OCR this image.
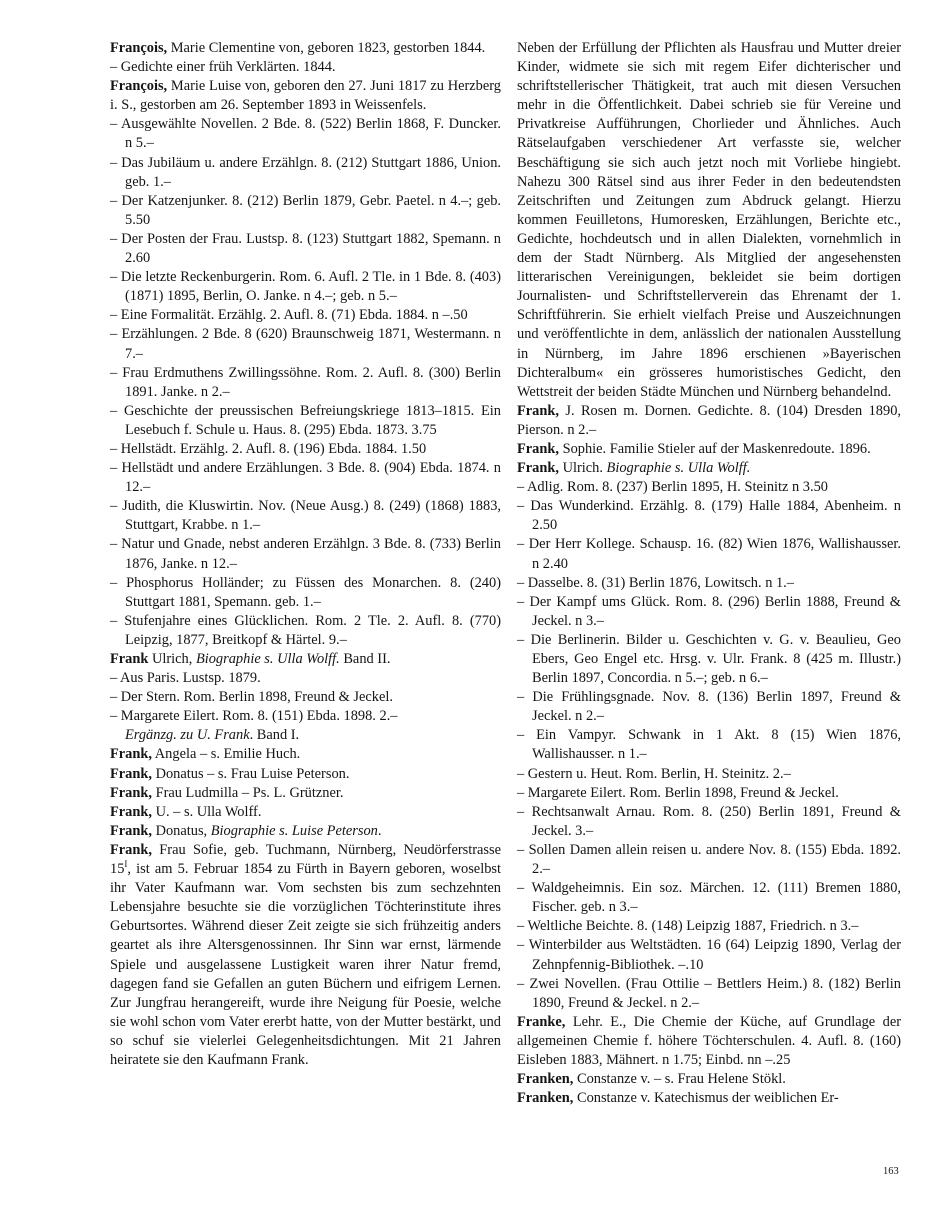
François, Marie Clementine von, geboren 1823, gestorben 1844.

– Gedichte einer früh Verklärten. 1844.

François, Marie Luise von, geboren den 27. Juni 1817 zu Herzberg i. S., gestorben am 26. September 1893 in Weissenfels.

– Ausgewählte Novellen. 2 Bde. 8. (522) Berlin 1868, F. Duncker. n 5.–

– Das Jubiläum u. andere Erzählgn. 8. (212) Stuttgart 1886, Union. geb. 1.–

– Der Katzenjunker. 8. (212) Berlin 1879, Gebr. Paetel. n 4.–; geb. 5.50

– Der Posten der Frau. Lustsp. 8. (123) Stuttgart 1882, Spemann. n 2.60

– Die letzte Reckenburgerin. Rom. 6. Aufl. 2 Tle. in 1 Bde. 8. (403) (1871) 1895, Berlin, O. Janke. n 4.–; geb. n 5.–

– Eine Formalität. Erzählg. 2. Aufl. 8. (71) Ebda. 1884. n –.50

– Erzählungen. 2 Bde. 8 (620) Braunschweig 1871, Westermann. n 7.–

– Frau Erdmuthens Zwillingssöhne. Rom. 2. Aufl. 8. (300) Berlin 1891. Janke. n 2.–

– Geschichte der preussischen Befreiungskriege 1813–1815. Ein Lesebuch f. Schule u. Haus. 8. (295) Ebda. 1873. 3.75

– Hellstädt. Erzählg. 2. Aufl. 8. (196) Ebda. 1884. 1.50

– Hellstädt und andere Erzählungen. 3 Bde. 8. (904) Ebda. 1874. n 12.–

– Judith, die Kluswirtin. Nov. (Neue Ausg.) 8. (249) (1868) 1883, Stuttgart, Krabbe. n 1.–

– Natur und Gnade, nebst anderen Erzählgn. 3 Bde. 8. (733) Berlin 1876, Janke. n 12.–

– Phosphorus Holländer; zu Füssen des Monarchen. 8. (240) Stuttgart 1881, Spemann. geb. 1.–

– Stufenjahre eines Glücklichen. Rom. 2 Tle. 2. Aufl. 8. (770) Leipzig, 1877, Breitkopf & Härtel. 9.–

Frank Ulrich, Biographie s. Ulla Wolff. Band II.

– Aus Paris. Lustsp. 1879.

– Der Stern. Rom. Berlin 1898, Freund & Jeckel.

– Margarete Eilert. Rom. 8. (151) Ebda. 1898. 2.–

Ergänzg. zu U. Frank. Band I.

Frank, Angela – s. Emilie Huch.

Frank, Donatus – s. Frau Luise Peterson.

Frank, Frau Ludmilla – Ps. L. Grützner.

Frank, U. – s. Ulla Wolff.

Frank, Donatus, Biographie s. Luise Peterson.

Frank, Frau Sofie, geb. Tuchmann, Nürnberg, Neudörferstrasse $15^I$, ist am 5. Februar 1854 zu Fürth in Bayern geboren, woselbst ihr Vater Kaufmann war. Vom sechsten bis zum sechzehnten Lebensjahre besuchte sie die vorzüglichen Töchterinstitute ihres Geburtsortes. Während dieser Zeit zeigte sie sich frühzeitig anders geartet als ihre Altersgenossinnen. Ihr Sinn war ernst, lärmende Spiele und ausgelassene Lustigkeit waren ihrer Natur fremd, dagegen fand sie Gefallen an guten Büchern und eifrigem Lernen. Zur Jungfrau herangereift, wurde ihre Neigung für Poesie, welche sie wohl schon vom Vater ererbt hatte, von der Mutter bestärkt, und so schuf sie vielerlei Gelegenheitsdichtungen. Mit 21 Jahren heiratete sie den Kaufmann Frank.

Neben der Erfüllung der Pflichten als Hausfrau und Mutter dreier Kinder, widmete sie sich mit regem Eifer dichterischer und schriftstellerischer Thätigkeit, trat auch mit diesen Versuchen mehr in die Öffentlichkeit. Dabei schrieb sie für Vereine und Privatkreise Aufführungen, Chorlieder und Ähnliches. Auch Rätselaufgaben verschiedener Art verfasste sie, welcher Beschäftigung sie sich auch jetzt noch mit Vorliebe hingiebt. Nahezu 300 Rätsel sind aus ihrer Feder in den bedeutendsten Zeitschriften und Zeitungen zum Abdruck gelangt. Hierzu kommen Feuilletons, Humoresken, Erzählungen, Berichte etc., Gedichte, hochdeutsch und in allen Dialekten, vornehmlich in dem der Stadt Nürnberg. Als Mitglied der angesehensten litterarischen Vereinigungen, bekleidet sie beim dortigen Journalisten- und Schriftstellerverein das Ehrenamt der 1. Schriftführerin. Sie erhielt vielfach Preise und Auszeichnungen und veröffentlichte in dem, anlässlich der nationalen Ausstellung in Nürnberg, im Jahre 1896 erschienen »Bayerischen Dichteralbum« ein grösseres humoristisches Gedicht, den Wettstreit der beiden Städte München und Nürnberg behandelnd.

Frank, J. Rosen m. Dornen. Gedichte. 8. (104) Dresden 1890, Pierson. n 2.–

Frank, Sophie. Familie Stieler auf der Maskenredoute. 1896.

Frank, Ulrich. Biographie s. Ulla Wolff.

– Adlig. Rom. 8. (237) Berlin 1895, H. Steinitz n 3.50

– Das Wunderkind. Erzählg. 8. (179) Halle 1884, Abenheim. n 2.50

– Der Herr Kollege. Schausp. 16. (82) Wien 1876, Wallishausser. n 2.40

– Dasselbe. 8. (31) Berlin 1876, Lowitsch. n 1.–

– Der Kampf ums Glück. Rom. 8. (296) Berlin 1888, Freund & Jeckel. n 3.–

– Die Berlinerin. Bilder u. Geschichten v. G. v. Beaulieu, Geo Ebers, Geo Engel etc. Hrsg. v. Ulr. Frank. 8 (425 m. Illustr.) Berlin 1897, Concordia. n 5.–; geb. n 6.–

– Die Frühlingsgnade. Nov. 8. (136) Berlin 1897, Freund & Jeckel. n 2.–

– Ein Vampyr. Schwank in 1 Akt. 8 (15) Wien 1876, Wallishausser. n 1.–

– Gestern u. Heut. Rom. Berlin, H. Steinitz. 2.–

– Margarete Eilert. Rom. Berlin 1898, Freund & Jeckel.

– Rechtsanwalt Arnau. Rom. 8. (250) Berlin 1891, Freund & Jeckel. 3.–

– Sollen Damen allein reisen u. andere Nov. 8. (155) Ebda. 1892. 2.–

– Waldgeheimnis. Ein soz. Märchen. 12. (111) Bremen 1880, Fischer. geb. n 3.–

– Weltliche Beichte. 8. (148) Leipzig 1887, Friedrich. n 3.–

– Winterbilder aus Weltstädten. 16 (64) Leipzig 1890, Verlag der Zehnpfennig-Bibliothek. –.10

– Zwei Novellen. (Frau Ottilie – Bettlers Heim.) 8. (182) Berlin 1890, Freund & Jeckel. n 2.–

Franke, Lehr. E., Die Chemie der Küche, auf Grundlage der allgemeinen Chemie f. höhere Töchterschulen. 4. Aufl. 8. (160) Eisleben 1883, Mähnert. n 1.75; Einbd. nn –.25

Franken, Constanze v. – s. Frau Helene Stökl.

Franken, Constanze v. Katechismus der weiblichen Er-

163
